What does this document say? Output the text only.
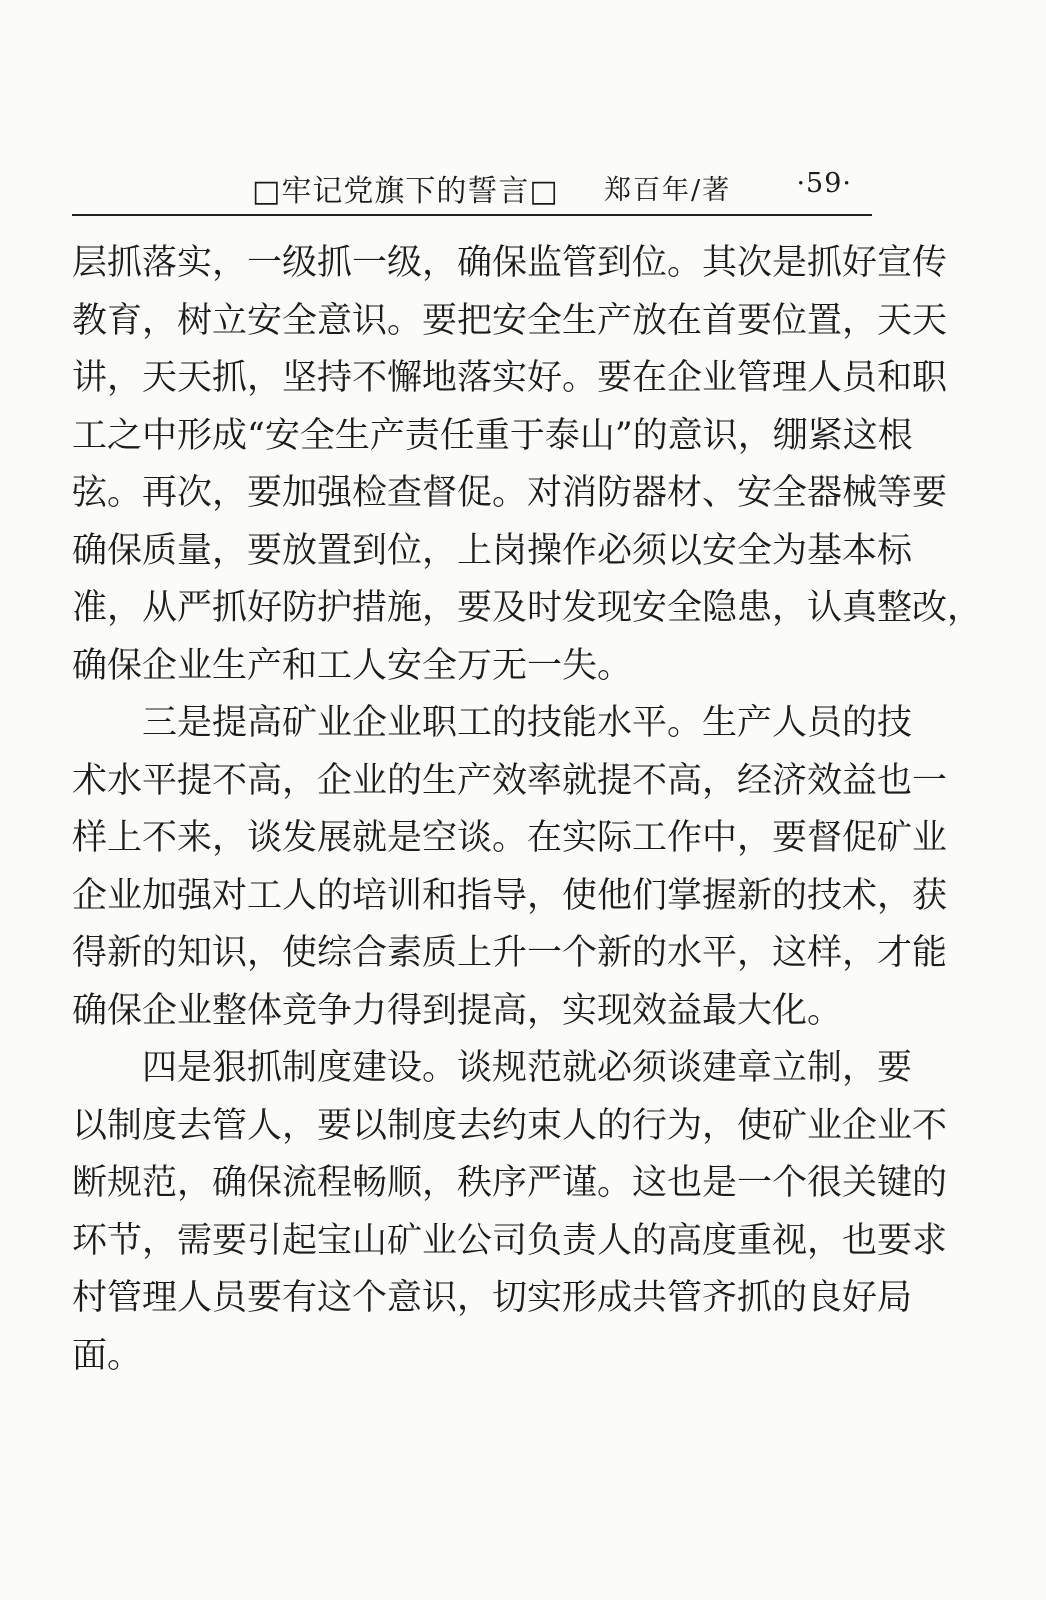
□牢记党旗下的誓言□ 郑百年/著 ·59·
层抓落实，一级抓一级，确保监管到位。其次是抓好宣传
教育，树立安全意识。要把安全生产放在首要位置，天天
讲，天天抓，坚持不懈地落实好。要在企业管理人员和职
工之中形成“安全生产责任重于泰山”的意识，绷紧这根
弦。再次，要加强检查督促。对消防器材、安全器械等要
确保质量，要放置到位，上岗操作必须以安全为基本标
准，从严抓好防护措施，要及时发现安全隐患，认真整改，
确保企业生产和工人安全万无一失。
三是提高矿业企业职工的技能水平。生产人员的技
术水平提不高，企业的生产效率就提不高，经济效益也一
样上不来，谈发展就是空谈。在实际工作中，要督促矿业
企业加强对工人的培训和指导，使他们掌握新的技术，获
得新的知识，使综合素质上升一个新的水平，这样，才能
确保企业整体竞争力得到提高，实现效益最大化。
四是狠抓制度建设。谈规范就必须谈建章立制，要
以制度去管人，要以制度去约束人的行为，使矿业企业不
断规范，确保流程畅顺，秩序严谨。这也是一个很关键的
环节，需要引起宝山矿业公司负责人的高度重视，也要求
村管理人员要有这个意识，切实形成共管齐抓的良好局
面。
